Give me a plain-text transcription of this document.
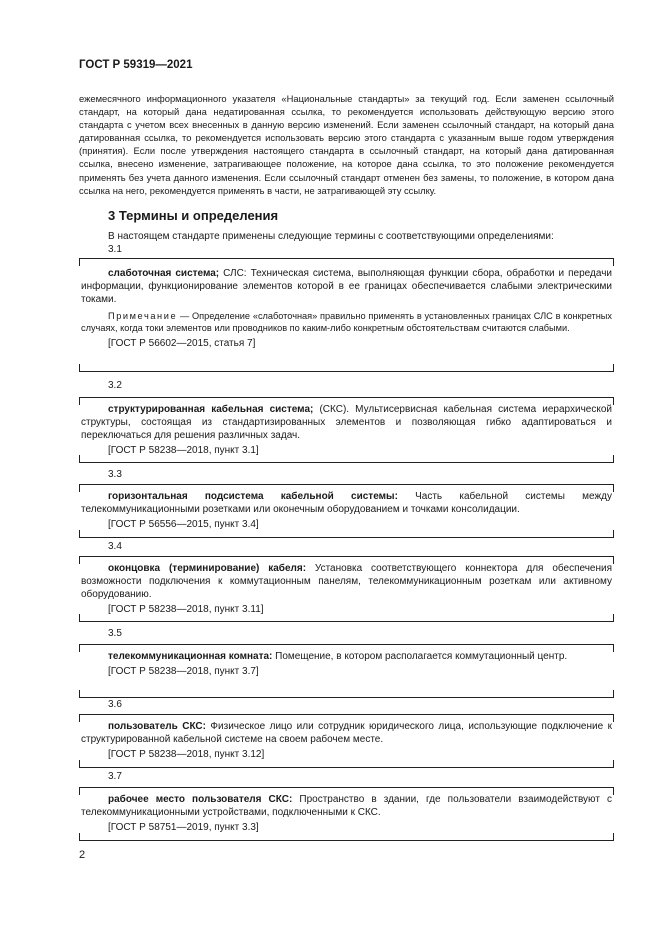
ГОСТ Р 59319—2021

ежемесячного информационного указателя «Национальные стандарты» за текущий год. Если заменен ссылочный стандарт, на который дана недатированная ссылка, то рекомендуется использовать действующую версию этого стандарта с учетом всех внесенных в данную версию изменений. Если заменен ссылочный стандарт, на который дана датированная ссылка, то рекомендуется использовать версию этого стандарта с указанным выше годом утверждения (принятия). Если после утверждения настоящего стандарта в ссылочный стандарт, на который дана датированная ссылка, внесено изменение, затрагивающее положение, на которое дана ссылка, то это положение рекомендуется применять без учета данного изменения. Если ссылочный стандарт отменен без замены, то положение, в котором дана ссылка на него, рекомендуется применять в части, не затрагивающей эту ссылку.

3 Термины и определения
В настоящем стандарте применены следующие термины с соответствующими определениями:
3.1

слаботочная система; СЛС: Техническая система, выполняющая функции сбора, обработки и передачи информации, функционирование элементов которой в ее границах обеспечивается слабыми электрическими токами.

Примечание — Определение «слаботочная» правильно применять в установленных границах СЛС в конкретных случаях, когда токи элементов или проводников по каким-либо конкретным обстоятельствам считаются слабыми.

[ГОСТ Р 56602—2015, статья 7]

3.2

структурированная кабельная система; (СКС). Мультисервисная кабельная система иерархической структуры, состоящая из стандартизированных элементов и позволяющая гибко адаптироваться и переключаться для решения различных задач.

[ГОСТ Р 58238—2018, пункт 3.1]

3.3

горизонтальная подсистема кабельной системы: Часть кабельной системы между телекоммуникационными розетками или оконечным оборудованием и точками консолидации.

[ГОСТ Р 56556—2015, пункт 3.4]

3.4

оконцовка (терминирование) кабеля: Установка соответствующего коннектора для обеспечения возможности подключения к коммутационным панелям, телекоммуникационным розеткам или активному оборудованию.

[ГОСТ Р 58238—2018, пункт 3.11]

3.5

телекоммуникационная комната: Помещение, в котором располагается коммутационный центр.

[ГОСТ Р 58238—2018, пункт 3.7]

3.6

пользователь СКС: Физическое лицо или сотрудник юридического лица, использующие подключение к структурированной кабельной системе на своем рабочем месте.

[ГОСТ Р 58238—2018, пункт 3.12]

3.7

рабочее место пользователя СКС: Пространство в здании, где пользователи взаимодействуют с телекоммуникационными устройствами, подключенными к СКС.

[ГОСТ Р 58751—2019, пункт 3.3]

2
